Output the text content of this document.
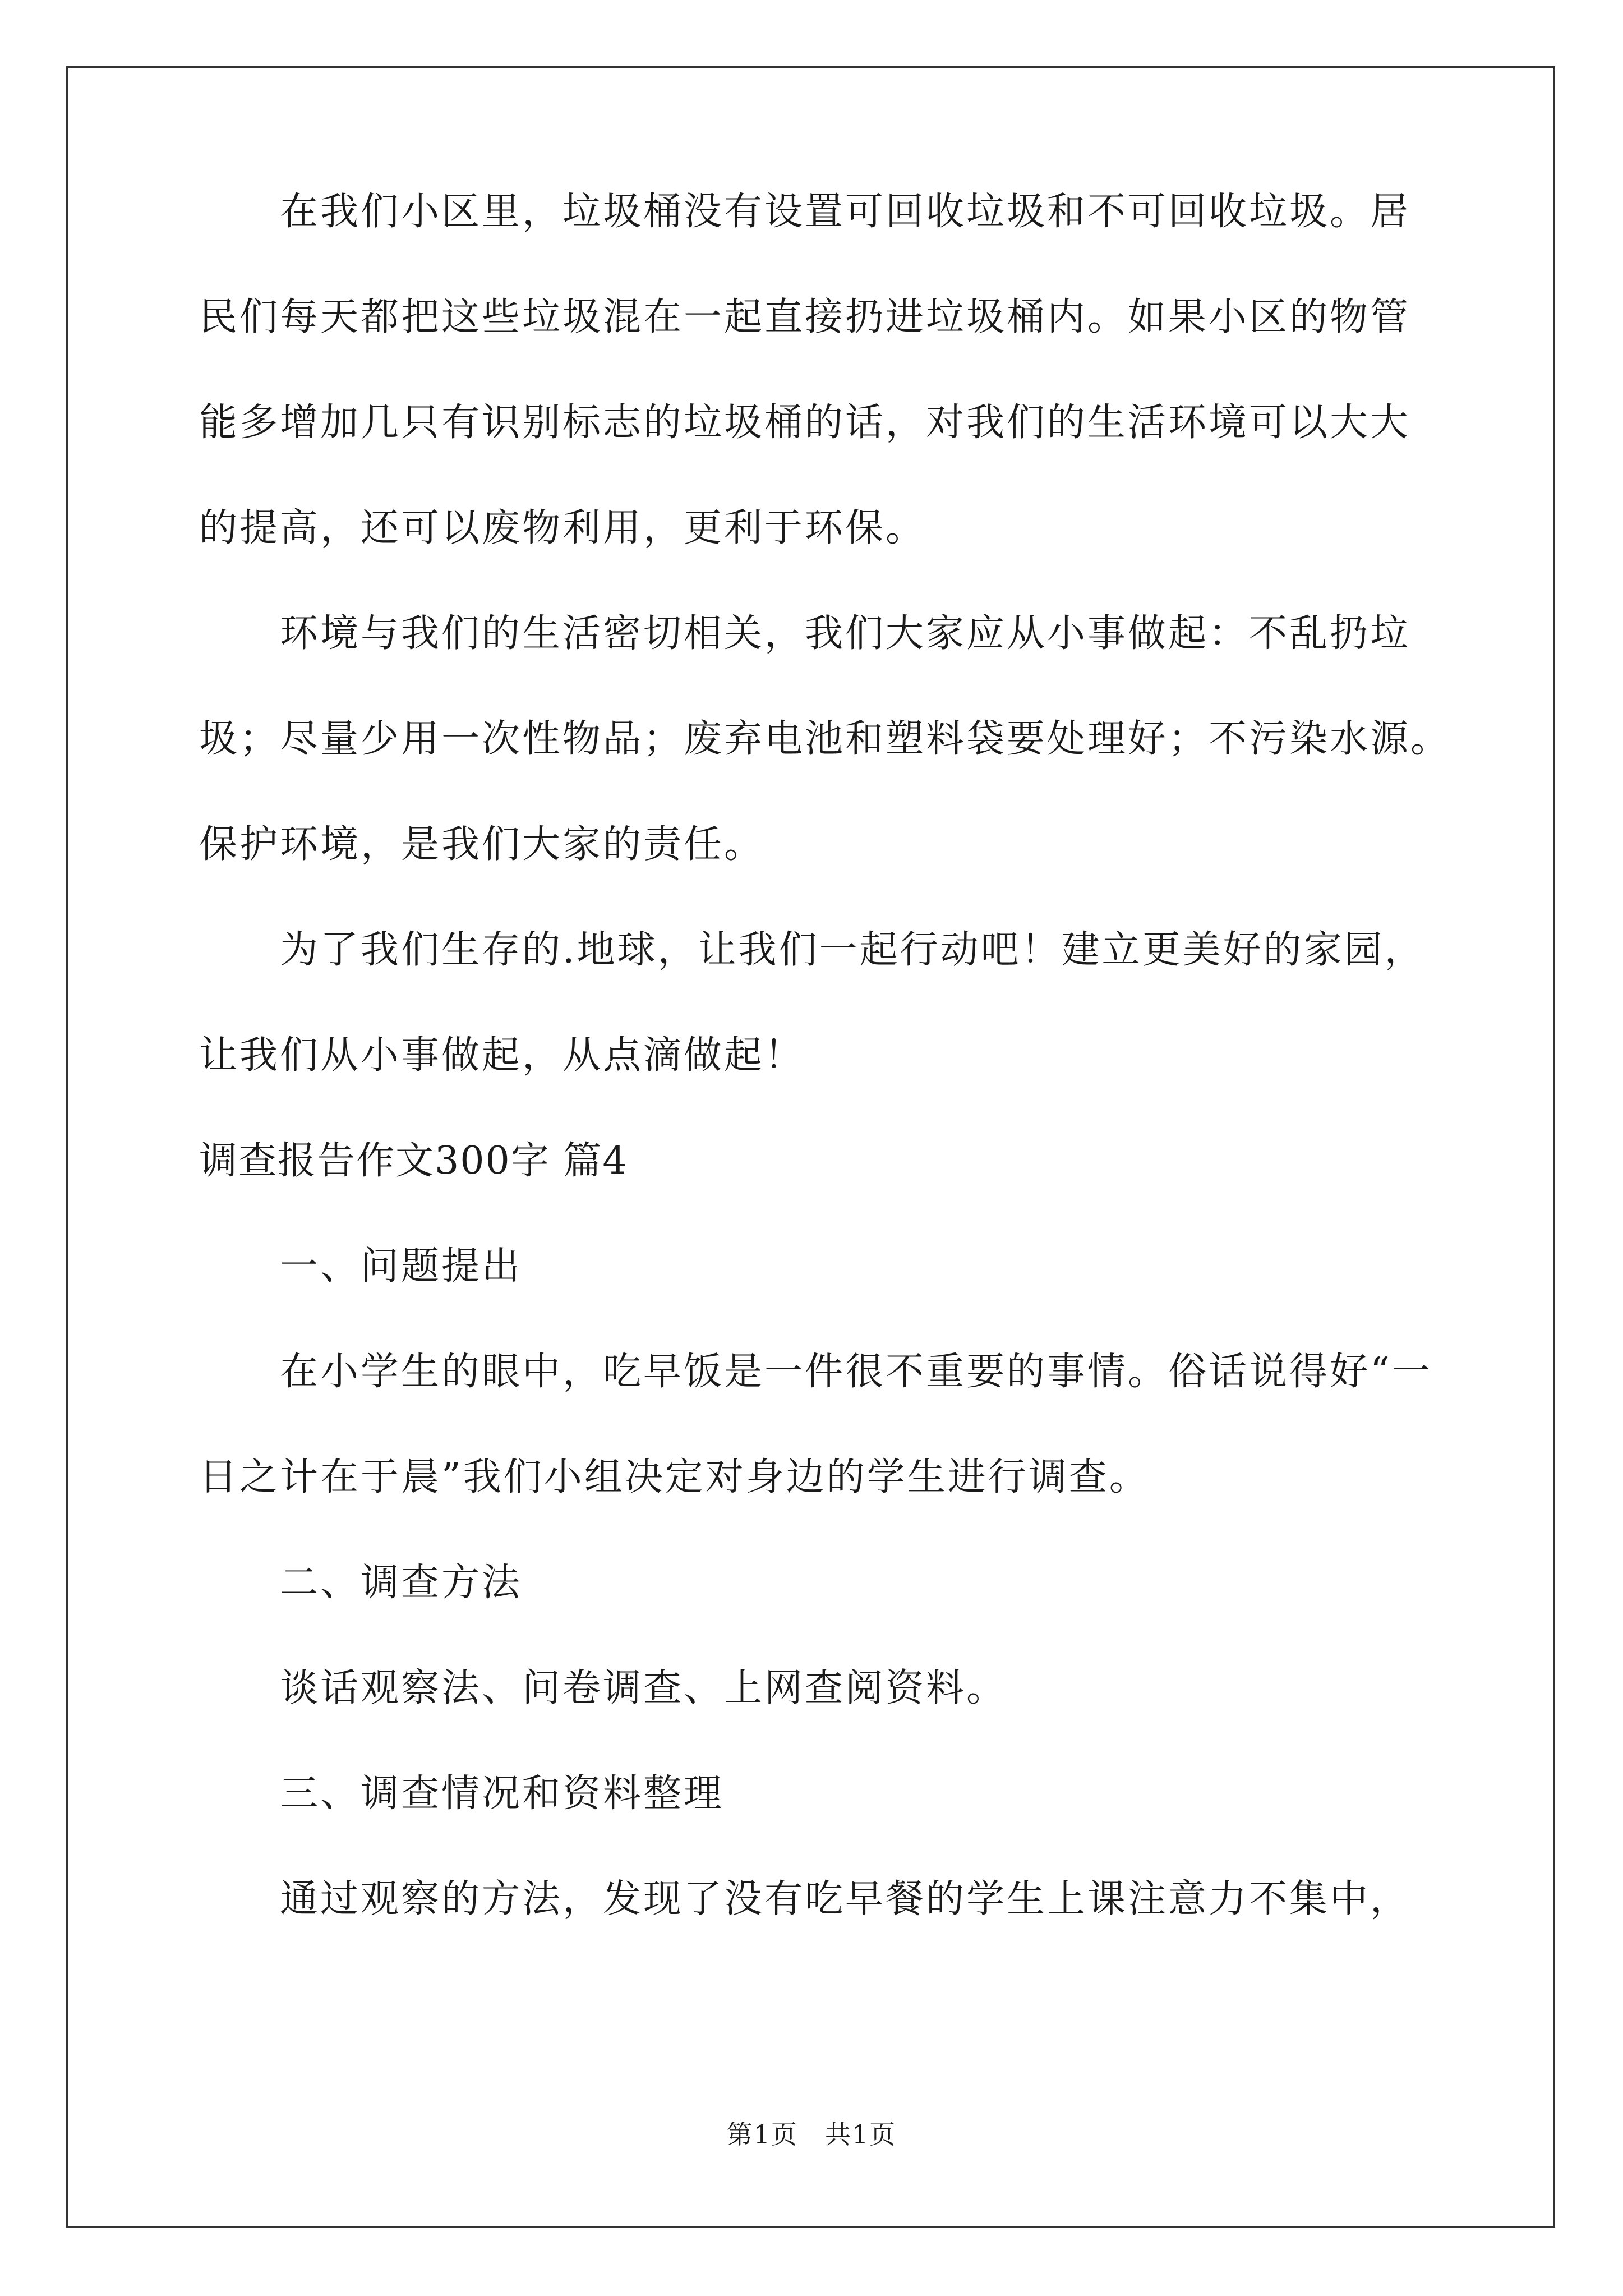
在我们小区里，垃圾桶没有设置可回收垃圾和不可回收垃圾。居
民们每天都把这些垃圾混在一起直接扔进垃圾桶内。如果小区的物管
能多增加几只有识别标志的垃圾桶的话，对我们的生活环境可以大大
的提高，还可以废物利用，更利于环保。
环境与我们的生活密切相关，我们大家应从小事做起：不乱扔垃
圾；尽量少用一次性物品；废弃电池和塑料袋要处理好；不污染水源。
保护环境，是我们大家的责任。
为了我们生存的.地球，让我们一起行动吧！建立更美好的家园，
让我们从小事做起，从点滴做起！
调查报告作文300字 篇4
一、问题提出
在小学生的眼中，吃早饭是一件很不重要的事情。俗话说得好“一
日之计在于晨”我们小组决定对身边的学生进行调查。
二、调查方法
谈话观察法、问卷调查、上网查阅资料。
三、调查情况和资料整理
通过观察的方法，发现了没有吃早餐的学生上课注意力不集中，
第1页　共1页
